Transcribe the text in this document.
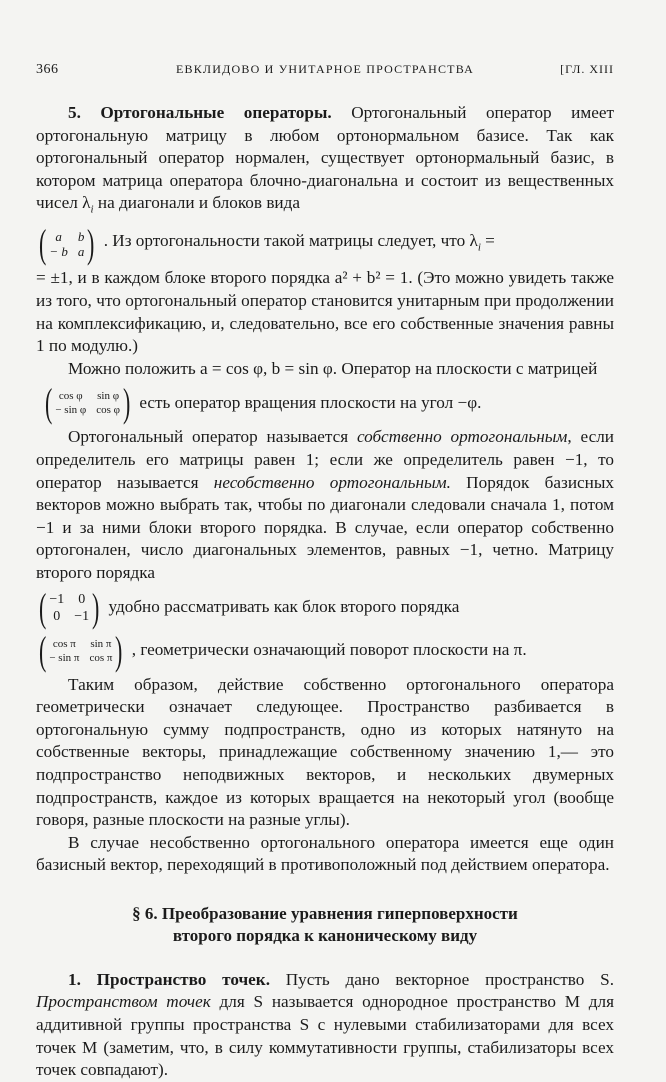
366	ЕВКЛИДОВО И УНИТАРНОЕ ПРОСТРАНСТВА	[ГЛ. XIII

5. Ортогональные операторы. Ортогональный оператор имеет ортогональную матрицу в любом ортонормальном базисе. Так как ортогональный оператор нормален, существует ортонормальный базис, в котором матрица оператора блочно-диагональна и состоит из вещественных чисел $\lambda_i$ на диагонали и блоков вида

( a	b
− b a ) . Из ортогональности такой матрицы следует, что $\lambda_i$ =

= ±1, и в каждом блоке второго порядка a² + b² = 1. (Это можно увидеть также из того, что ортогональный оператор становится унитарным при продолжении на комплексификацию, и, следовательно, все его собственные значения равны 1 по модулю.)

Можно положить a = cos φ, b = sin φ. Оператор на плоскости с матрицей

( cos φ	sin φ
− sin φ cos φ ) есть оператор вращения плоскости на угол −φ.

Ортогональный оператор называется собственно ортогональным, если определитель его матрицы равен 1; если же определитель равен −1, то оператор называется несобственно ортогональным. Порядок базисных векторов можно выбрать так, чтобы по диагонали следовали сначала 1, потом −1 и за ними блоки второго порядка. В случае, если оператор собственно ортогонален, число диагональных элементов, равных −1, четно. Матрицу второго порядка

( −1 0
0 −1 ) удобно рассматривать как блок второго порядка
( cos π	sin π
− sin π cos π ) , геометрически означающий поворот плоскости на π.

Таким образом, действие собственно ортогонального оператора геометрически означает следующее. Пространство разбивается в ортогональную сумму подпространств, одно из которых натянуто на собственные векторы, принадлежащие собственному значению 1,— это подпространство неподвижных векторов, и нескольких двумерных подпространств, каждое из которых вращается на некоторый угол (вообще говоря, разные плоскости на разные углы).

В случае несобственно ортогонального оператора имеется еще один базисный вектор, переходящий в противоположный под действием оператора.

§ 6. Преобразование уравнения гиперповерхности
второго порядка к каноническому виду

1. Пространство точек. Пусть дано векторное пространство S. Пространством точек для S называется однородное пространство M для аддитивной группы пространства S с нулевыми стабилизаторами для всех точек M (заметим, что, в силу коммутативности группы, стабилизаторы всех точек совпадают).
